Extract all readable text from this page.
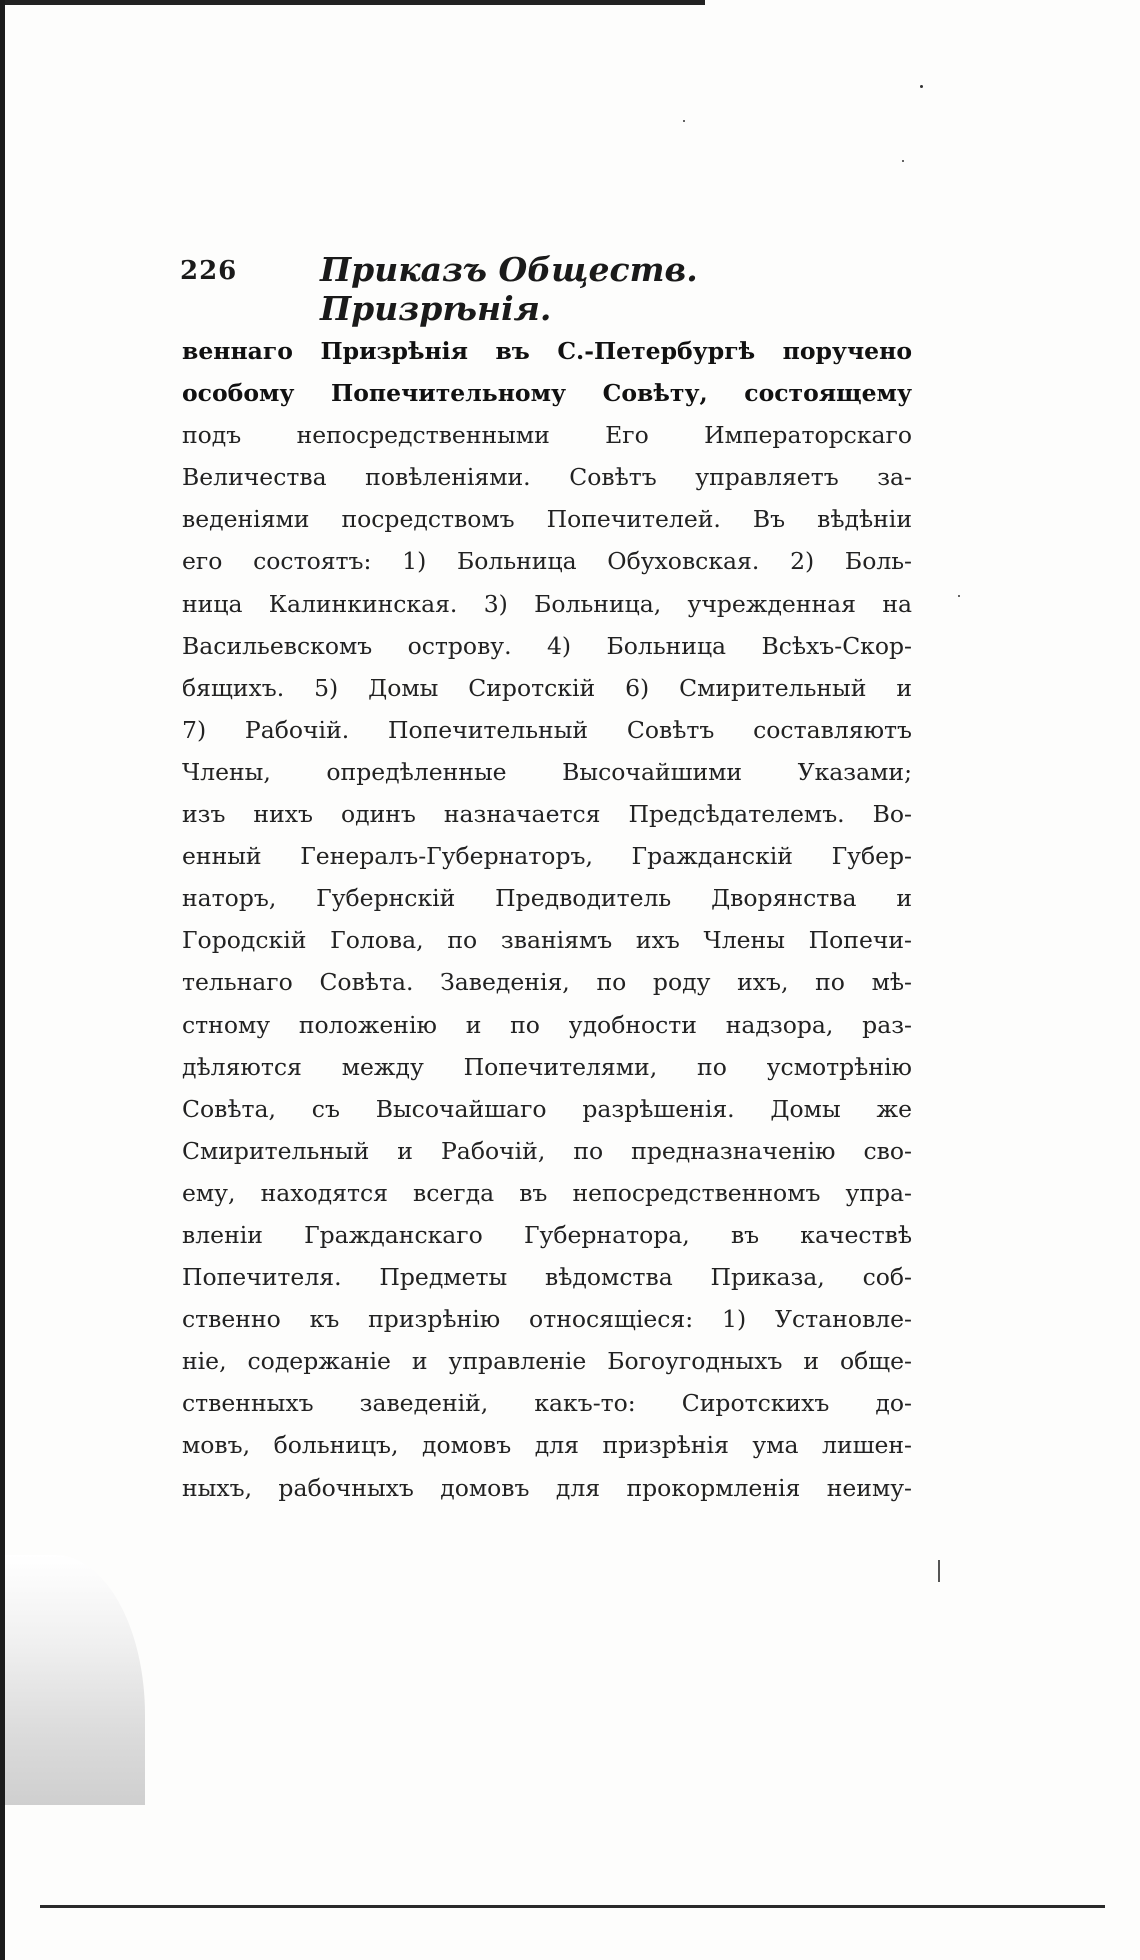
226	Приказъ Обществ. Призрѣнія.
веннаго Призрѣнія въ С.-Петербургѣ поручено
особому Попечительному Совѣту, состоящему
подъ непосредственными Его Императорскаго
Величества повѣленіями. Совѣтъ управляетъ за-
веденіями посредствомъ Попечителей. Въ вѣдѣніи
его состоятъ: 1) Больница Обуховская. 2) Боль-
ница Калинкинская. 3) Больница, учрежденная на
Васильевскомъ острову. 4) Больница Всѣхъ-Скор-
бящихъ. 5) Домы Сиротскій 6) Смирительный и
7) Рабочій. Попечительный Совѣтъ составляютъ
Члены, опредѣленные Высочайшими Указами;
изъ нихъ одинъ назначается Предсѣдателемъ. Во-
енный Генералъ-Губернаторъ, Гражданскій Губер-
наторъ, Губернскій Предводитель Дворянства и
Городскій Голова, по званіямъ ихъ Члены Попечи-
тельнаго Совѣта. Заведенія, по роду ихъ, по мѣ-
стному положенію и по удобности надзора, раз-
дѣляются между Попечителями, по усмотрѣнію
Совѣта, съ Высочайшаго разрѣшенія. Домы же
Смирительный и Рабочій, по предназначенію сво-
ему, находятся всегда въ непосредственномъ упра-
вленіи Гражданскаго Губернатора, въ качествѣ
Попечителя. Предметы вѣдомства Приказа, соб-
ственно къ призрѣнію относящіеся: 1) Установле-
ніе, содержаніе и управленіе Богоугодныхъ и обще-
ственныхъ заведеній, какъ-то: Сиротскихъ до-
мовъ, больницъ, домовъ для призрѣнія ума лишен-
ныхъ, рабочныхъ домовъ для прокормленія неиму-
